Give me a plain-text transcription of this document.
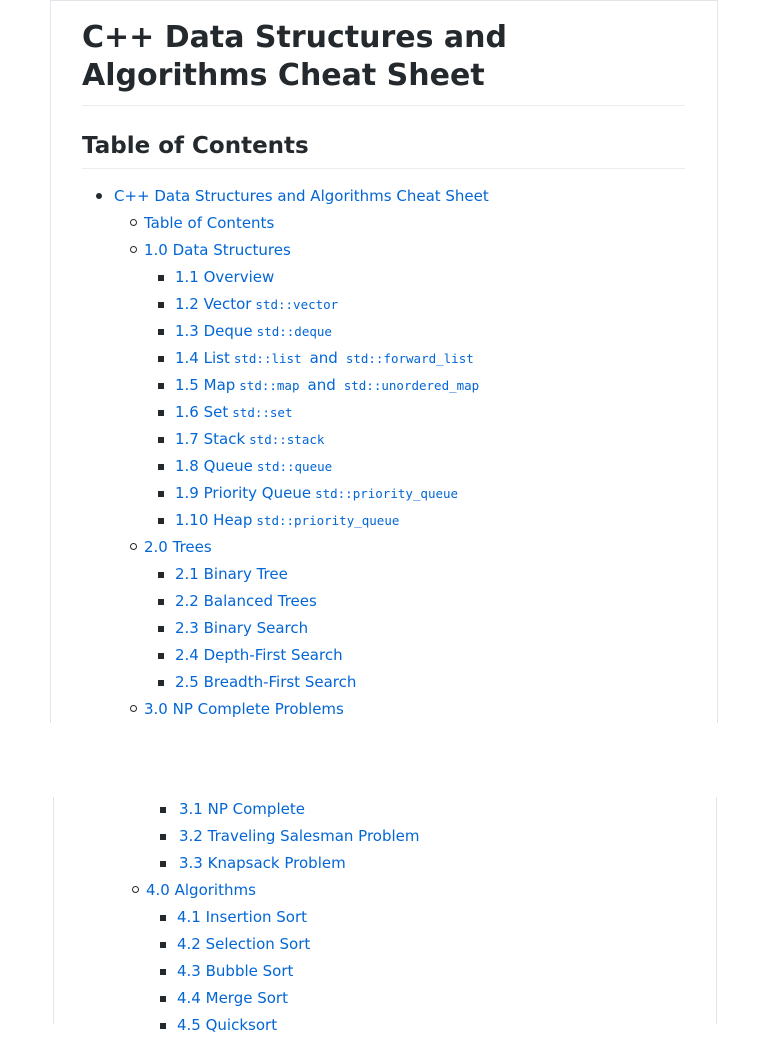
C++ Data Structures and Algorithms Cheat Sheet
Table of Contents
C++ Data Structures and Algorithms Cheat Sheet
Table of Contents
1.0 Data Structures
1.1 Overview
1.2 Vector std::vector
1.3 Deque std::deque
1.4 List std::list and std::forward_list
1.5 Map std::map and std::unordered_map
1.6 Set std::set
1.7 Stack std::stack
1.8 Queue std::queue
1.9 Priority Queue std::priority_queue
1.10 Heap std::priority_queue
2.0 Trees
2.1 Binary Tree
2.2 Balanced Trees
2.3 Binary Search
2.4 Depth-First Search
2.5 Breadth-First Search
3.0 NP Complete Problems
3.1 NP Complete
3.2 Traveling Salesman Problem
3.3 Knapsack Problem
4.0 Algorithms
4.1 Insertion Sort
4.2 Selection Sort
4.3 Bubble Sort
4.4 Merge Sort
4.5 Quicksort
